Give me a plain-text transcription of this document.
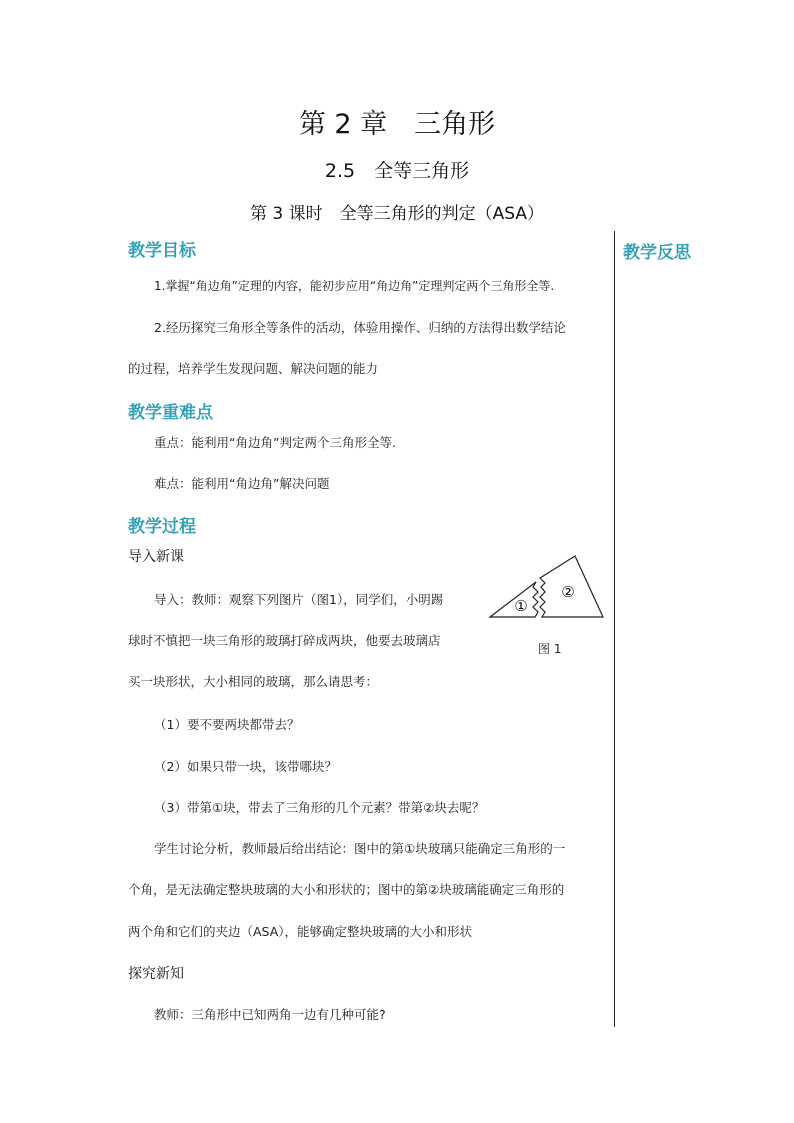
第 2 章　三角形
2.5　全等三角形
第 3 课时　全等三角形的判定（ASA）
教学反思
教学目标
1.掌握“角边角”定理的内容，能初步应用“角边角”定理判定两个三角形全等.
2.经历探究三角形全等条件的活动，体验用操作、归纳的方法得出数学结论
的过程，培养学生发现问题、解决问题的能力
教学重难点
重点：能利用“角边角”判定两个三角形全等.
难点：能利用“角边角”解决问题
教学过程
导入新课
导入：教师：观察下列图片（图1），同学们，小明踢
球时不慎把一块三角形的玻璃打碎成两块，他要去玻璃店
买一块形状，大小相同的玻璃，那么请思考：
（1）要不要两块都带去？
（2）如果只带一块，该带哪块？
（3）带第①块，带去了三角形的几个元素？带第②块去呢？
学生讨论分析，教师最后给出结论：图中的第①块玻璃只能确定三角形的一
个角，是无法确定整块玻璃的大小和形状的；图中的第②块玻璃能确定三角形的
两个角和它们的夹边（ASA），能够确定整块玻璃的大小和形状
探究新知
教师：三角形中已知两角一边有几种可能?
①
②
图 1
